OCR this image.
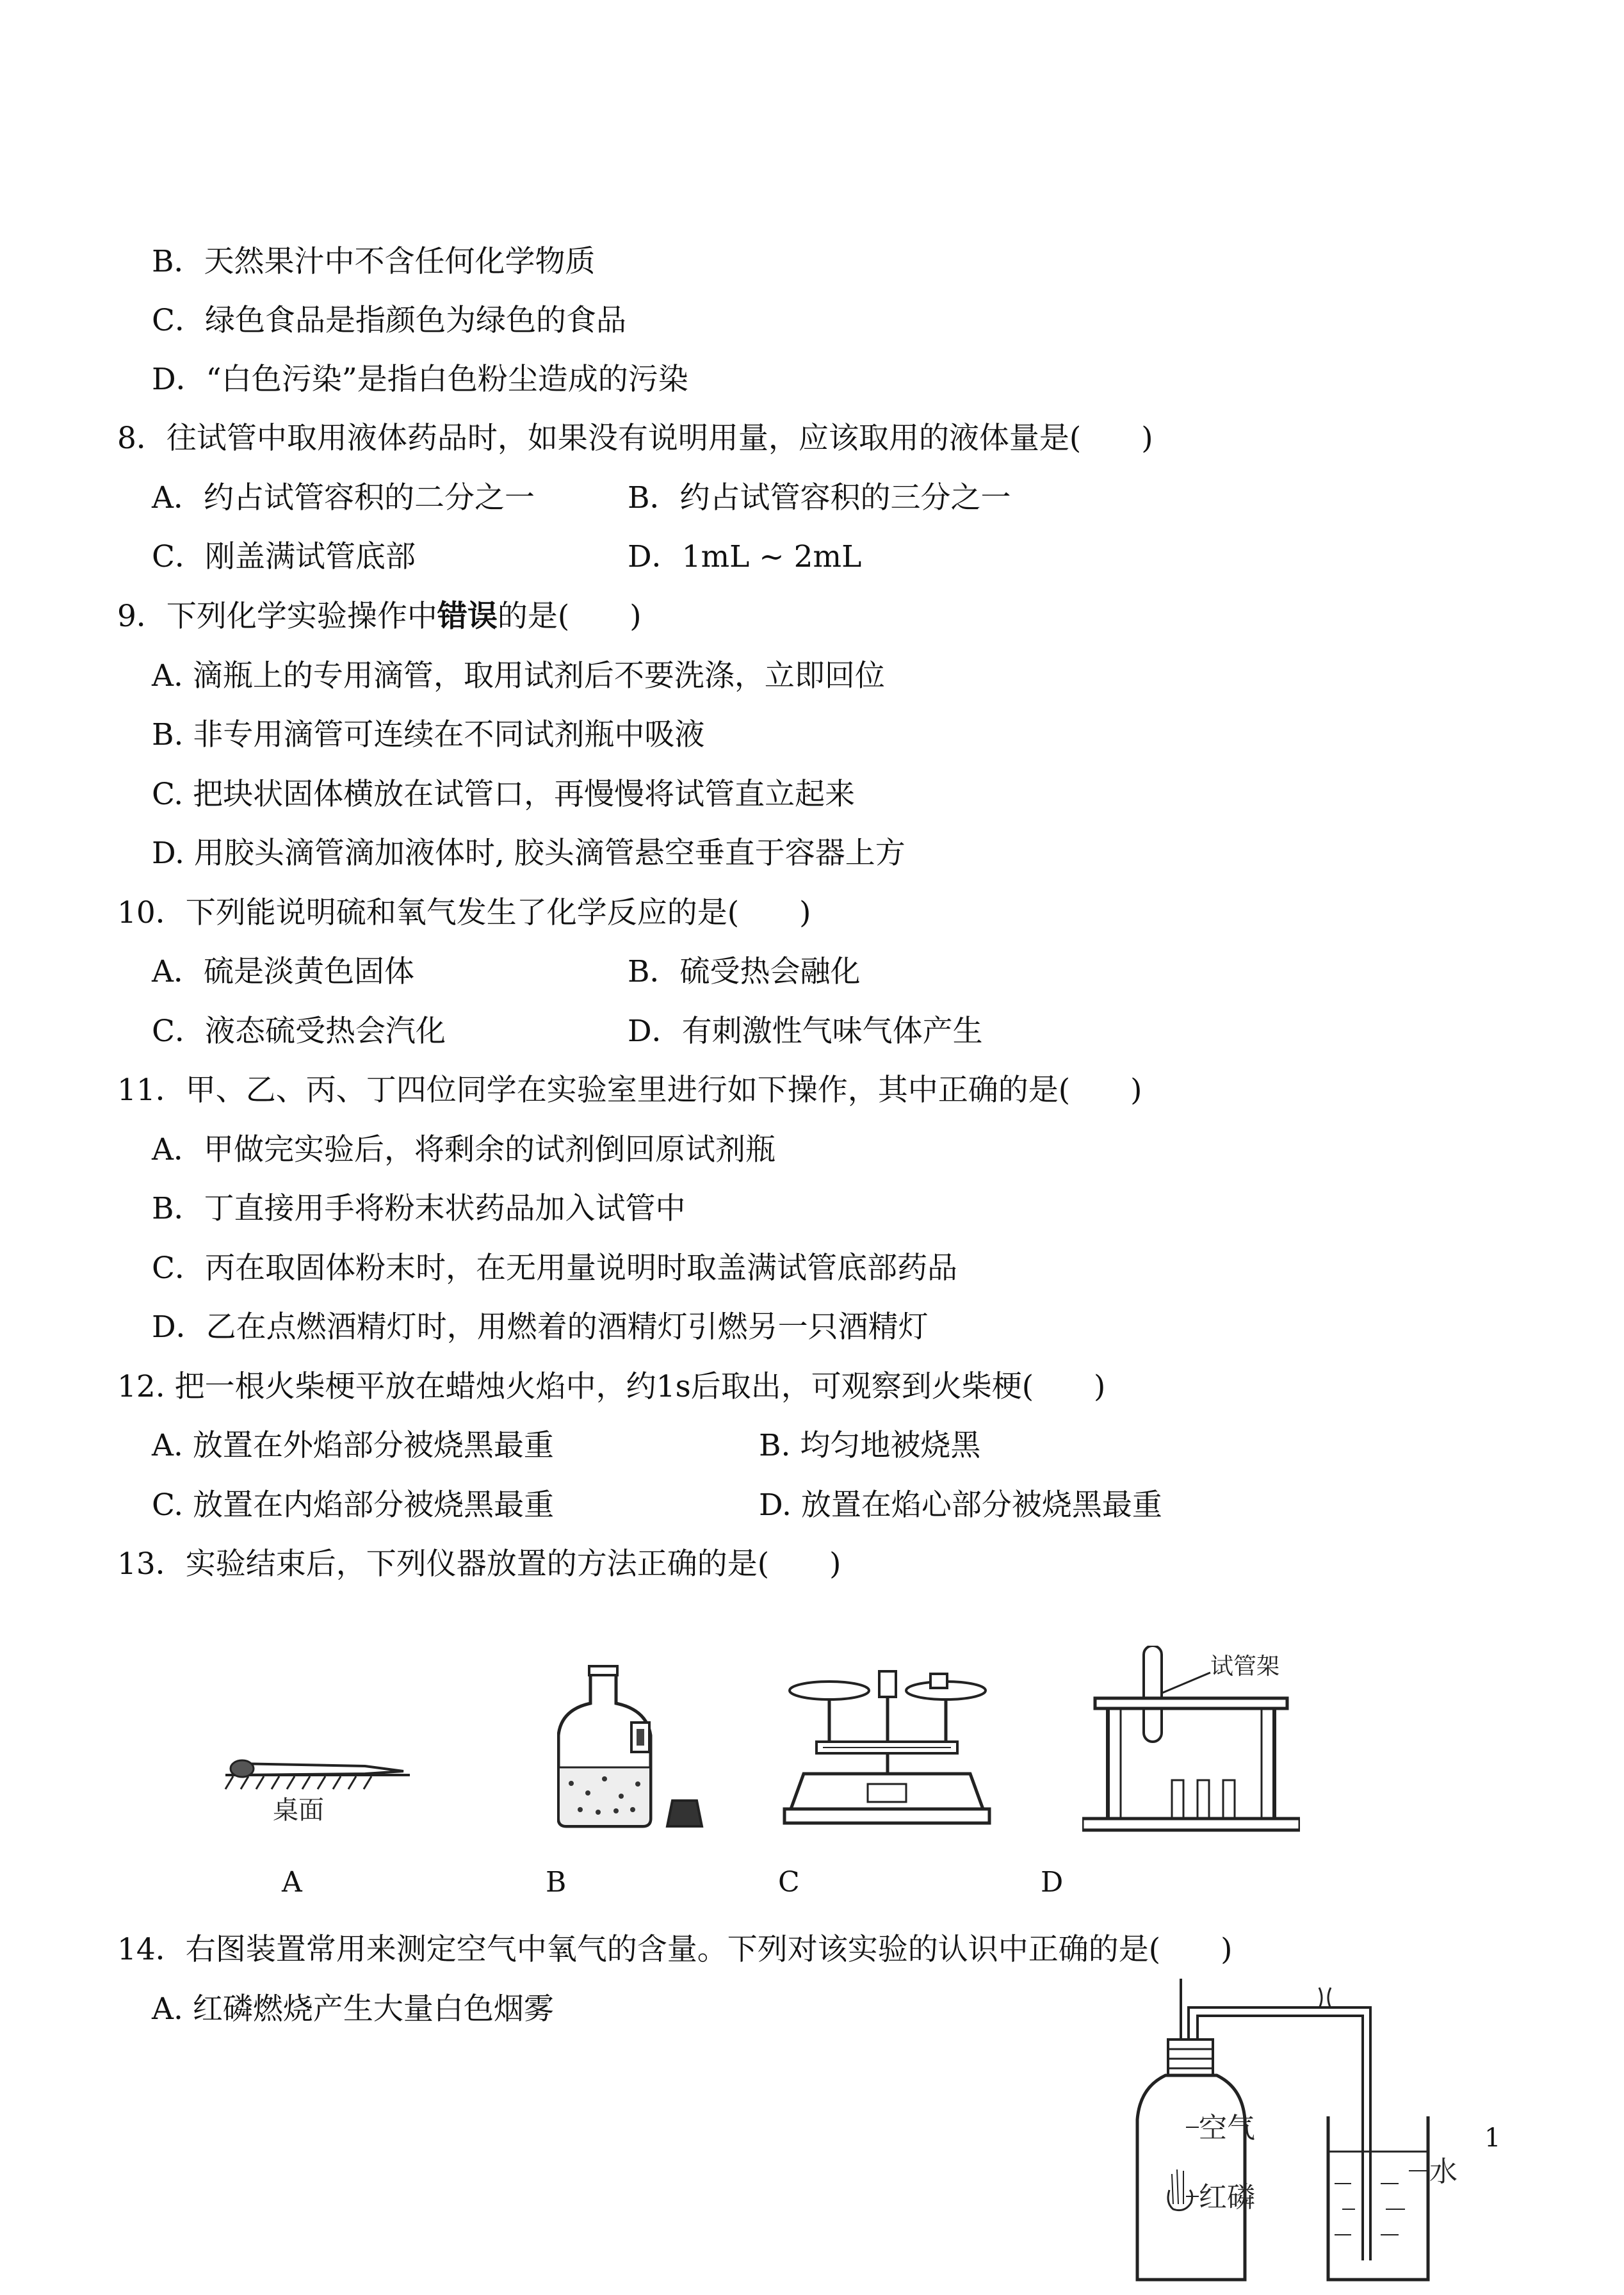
B．天然果汁中不含任何化学物质
C．绿色食品是指颜色为绿色的食品
D．“白色污染”是指白色粉尘造成的污染
8．往试管中取用液体药品时，如果没有说明用量，应该取用的液体量是(　　)
A．约占试管容积的二分之一	B．约占试管容积的三分之一
C．刚盖满试管底部	D．1mL ~ 2mL
9．下列化学实验操作中错误的是(　　)
A. 滴瓶上的专用滴管，取用试剂后不要洗涤，立即回位
B. 非专用滴管可连续在不同试剂瓶中吸液
C. 把块状固体横放在试管口，再慢慢将试管直立起来
D. 用胶头滴管滴加液体时, 胶头滴管悬空垂直于容器上方
10．下列能说明硫和氧气发生了化学反应的是(　　)
A．硫是淡黄色固体	B．硫受热会融化
C．液态硫受热会汽化	D．有刺激性气味气体产生
11．甲、乙、丙、丁四位同学在实验室里进行如下操作，其中正确的是(　　)
A．甲做完实验后，将剩余的试剂倒回原试剂瓶
B．丁直接用手将粉末状药品加入试管中
C．丙在取固体粉末时，在无用量说明时取盖满试管底部药品
D．乙在点燃酒精灯时，用燃着的酒精灯引燃另一只酒精灯
12. 把一根火柴梗平放在蜡烛火焰中，约1s后取出，可观察到火柴梗(　　)
A. 放置在外焰部分被烧黑最重	B. 均匀地被烧黑
C. 放置在内焰部分被烧黑最重	D. 放置在焰心部分被烧黑最重
13．实验结束后，下列仪器放置的方法正确的是(　　)
桌面
试管架
A	B	C	D
14．右图装置常用来测定空气中氧气的含量。下列对该实验的认识中正确的是(　　)
A. 红磷燃烧产生大量白色烟雾
空气
红磷
水
1
